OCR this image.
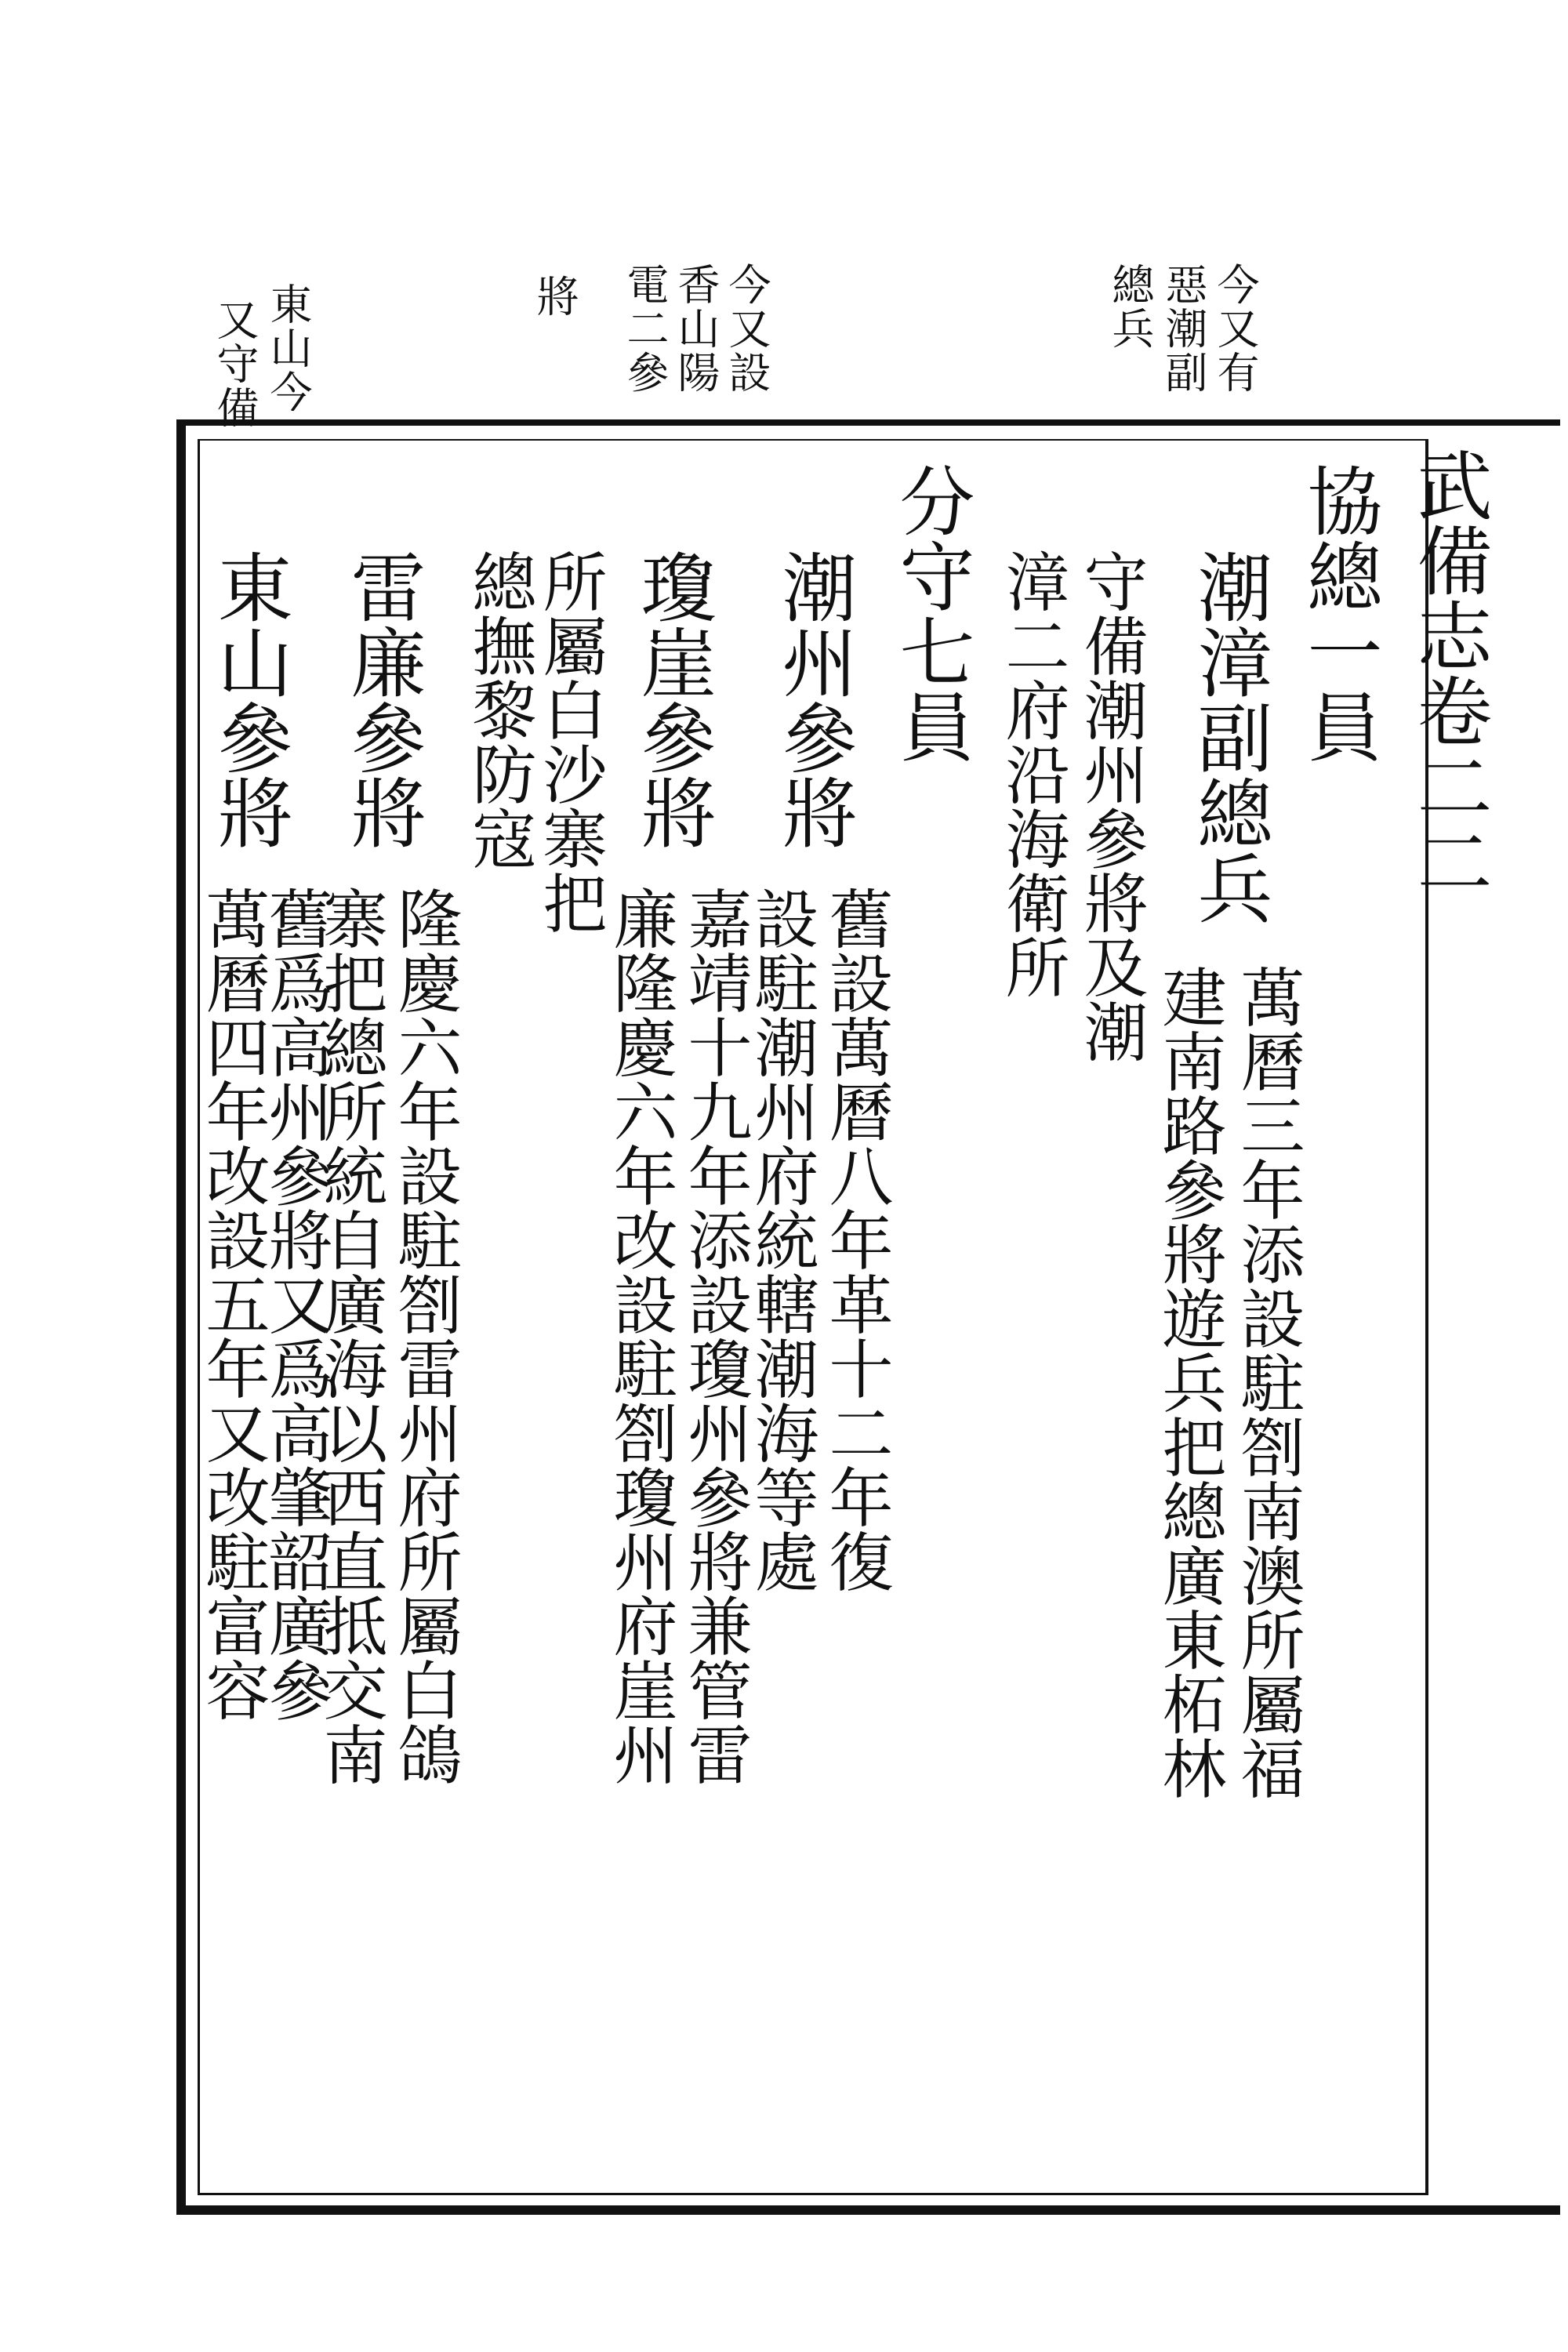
武備志卷二二
今又有
惡潮副
總兵
今又設
香山陽
電二參
將
東山今
又守備
協總一員
潮漳副總兵
萬曆三年添設駐劄南澳所屬福
建南路參將遊兵把總廣東柘林
守備潮州參將及潮
漳二府沿海衛所
分守七員
潮州參將
舊設萬曆八年革十二年復
設駐潮州府統轄潮海等處
瓊崖參將
嘉靖十九年添設瓊州參將兼管雷
廉隆慶六年改設駐劄瓊州府崖州
所屬白沙寨把
總撫黎防寇
雷廉參將
隆慶六年設駐劄雷州府所屬白鴿
寨把總所統自廣海以西直抵交南
東山參將
舊爲高州參將又爲高肇韶廣參
萬曆四年改設五年又改駐富容
